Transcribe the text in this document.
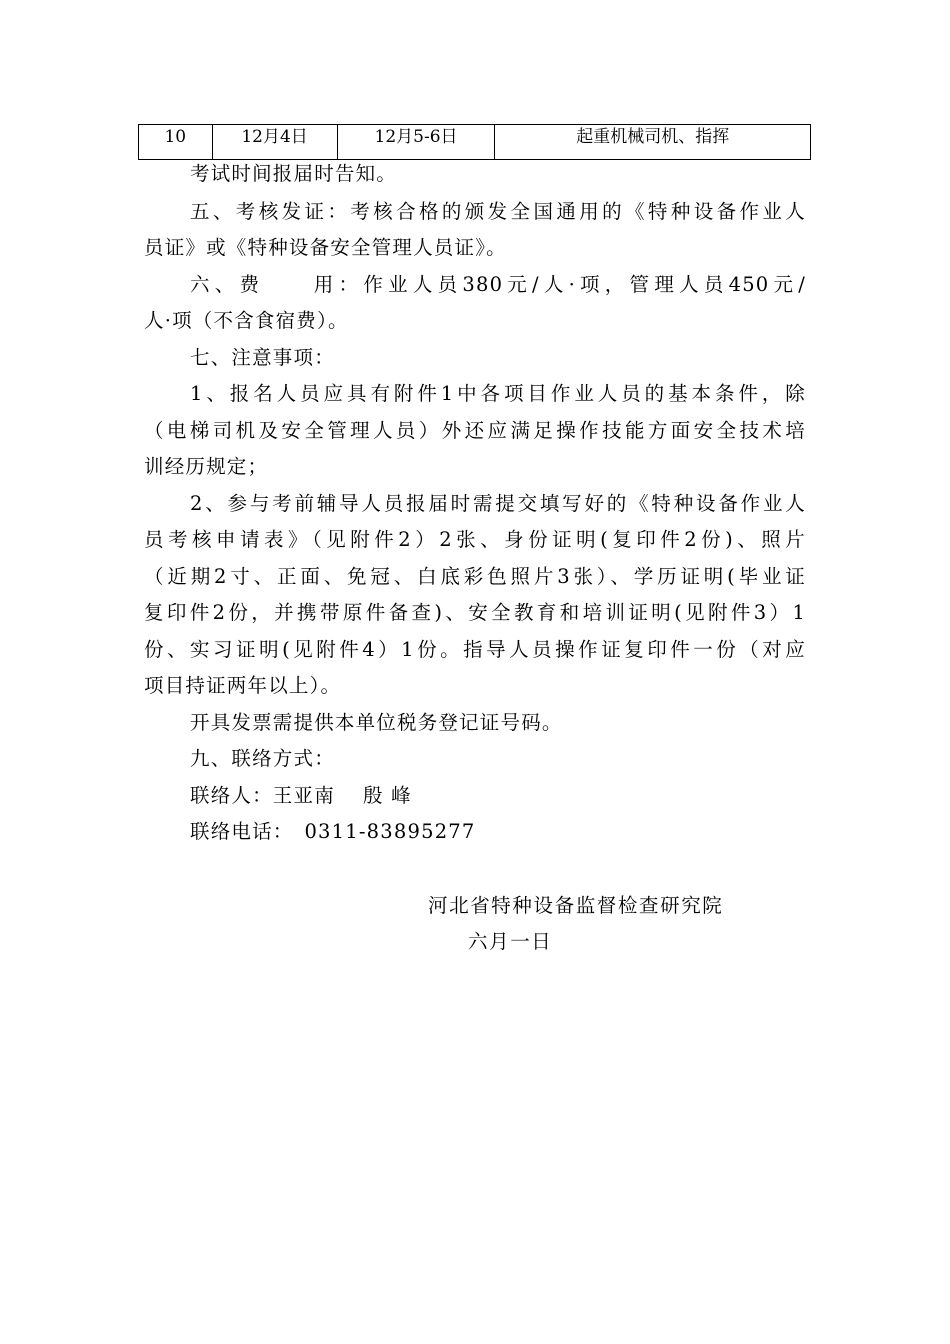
10	12月4日	12月5-6日	起重机械司机、指挥
考试时间报届时告知。
五、考核发证：考核合格的颁发全国通用的《特种设备作业人
员证》或《特种设备安全管理人员证》。
六、费　　用：作业人员380元/人·项，管理人员450元/
人·项（不含食宿费）。
七、注意事项：
1、报名人员应具有附件1中各项目作业人员的基本条件，除
（电梯司机及安全管理人员）外还应满足操作技能方面安全技术培
训经历规定；
2、参与考前辅导人员报届时需提交填写好的《特种设备作业人
员考核申请表》（见附件2）2张、身份证明(复印件2份)、照片
（近期2寸、正面、免冠、白底彩色照片3张）、学历证明(毕业证
复印件2份，并携带原件备查)、安全教育和培训证明(见附件3）1
份、实习证明(见附件4）1份。指导人员操作证复印件一份（对应
项目持证两年以上）。
开具发票需提供本单位税务登记证号码。
九、联络方式：
联络人：王亚南　 殷 峰
联络电话：　0311-83895277
河北省特种设备监督检查研究院
六月一日
